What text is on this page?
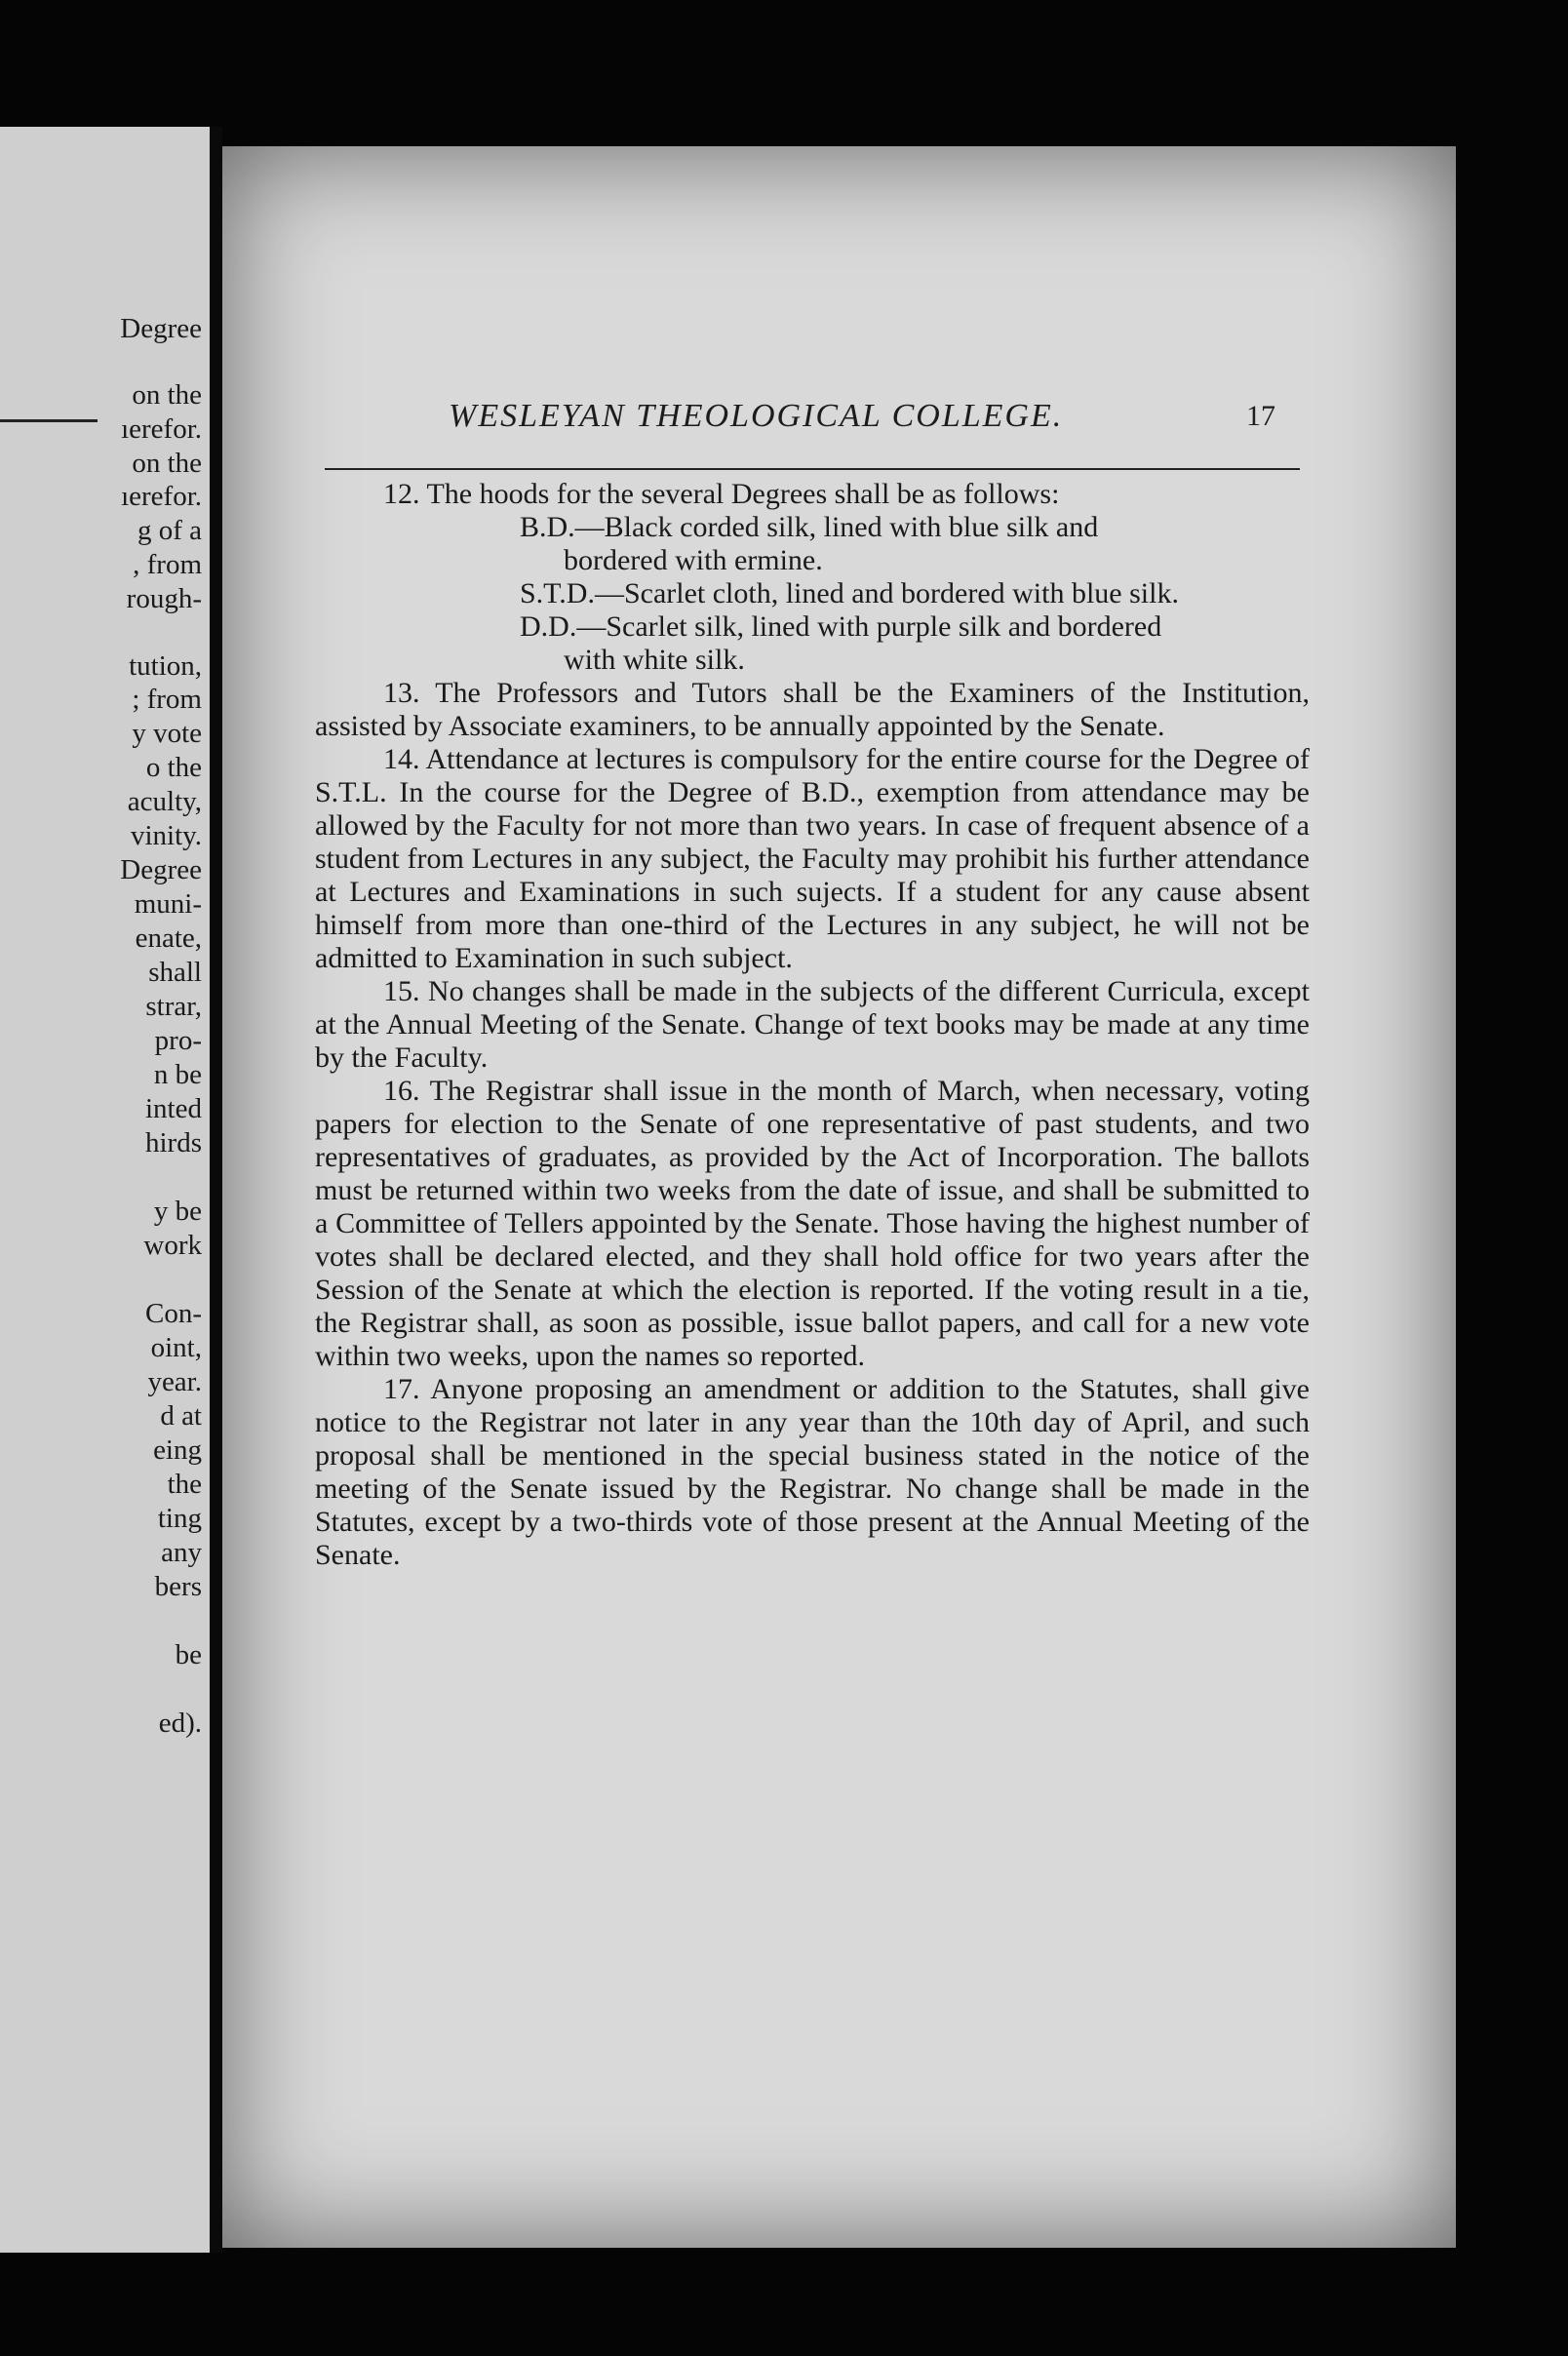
Degree
on the
ıerefor.
on the
ıerefor.
g of a
, from
rough-
tution,
; from
y vote
o the
aculty,
vinity.
Degree
muni-
enate,
shall
strar,
pro-
n be
inted
hirds
y be
work
Con-
oint,
year.
d at
eing
the
ting
any
bers
be
ed).
WESLEYAN THEOLOGICAL COLLEGE.	17

12. The hoods for the several Degrees shall be as follows:

B.D.—Black corded silk, lined with blue silk and

bordered with ermine.

S.T.D.—Scarlet cloth, lined and bordered with blue silk.

D.D.—Scarlet silk, lined with purple silk and bordered

with white silk.

13. The Professors and Tutors shall be the Examiners of the Institution, assisted by Associate examiners, to be annually appointed by the Senate.

14. Attendance at lectures is compulsory for the entire course for the Degree of S.T.L. In the course for the Degree of B.D., exemption from attendance may be allowed by the Faculty for not more than two years. In case of frequent absence of a student from Lectures in any subject, the Faculty may prohibit his further attendance at Lectures and Examinations in such sujects. If a student for any cause absent himself from more than one-third of the Lectures in any subject, he will not be admitted to Examination in such subject.

15. No changes shall be made in the subjects of the different Curricula, except at the Annual Meeting of the Senate. Change of text books may be made at any time by the Faculty.

16. The Registrar shall issue in the month of March, when necessary, voting papers for election to the Senate of one representative of past students, and two representatives of graduates, as provided by the Act of Incorporation. The ballots must be returned within two weeks from the date of issue, and shall be submitted to a Committee of Tellers appointed by the Senate. Those having the highest number of votes shall be declared elected, and they shall hold office for two years after the Session of the Senate at which the election is reported. If the voting result in a tie, the Registrar shall, as soon as possible, issue ballot papers, and call for a new vote within two weeks, upon the names so reported.

17. Anyone proposing an amendment or addition to the Statutes, shall give notice to the Registrar not later in any year than the 10th day of April, and such proposal shall be mentioned in the special business stated in the notice of the meeting of the Senate issued by the Registrar. No change shall be made in the Statutes, except by a two-thirds vote of those present at the Annual Meeting of the Senate.
